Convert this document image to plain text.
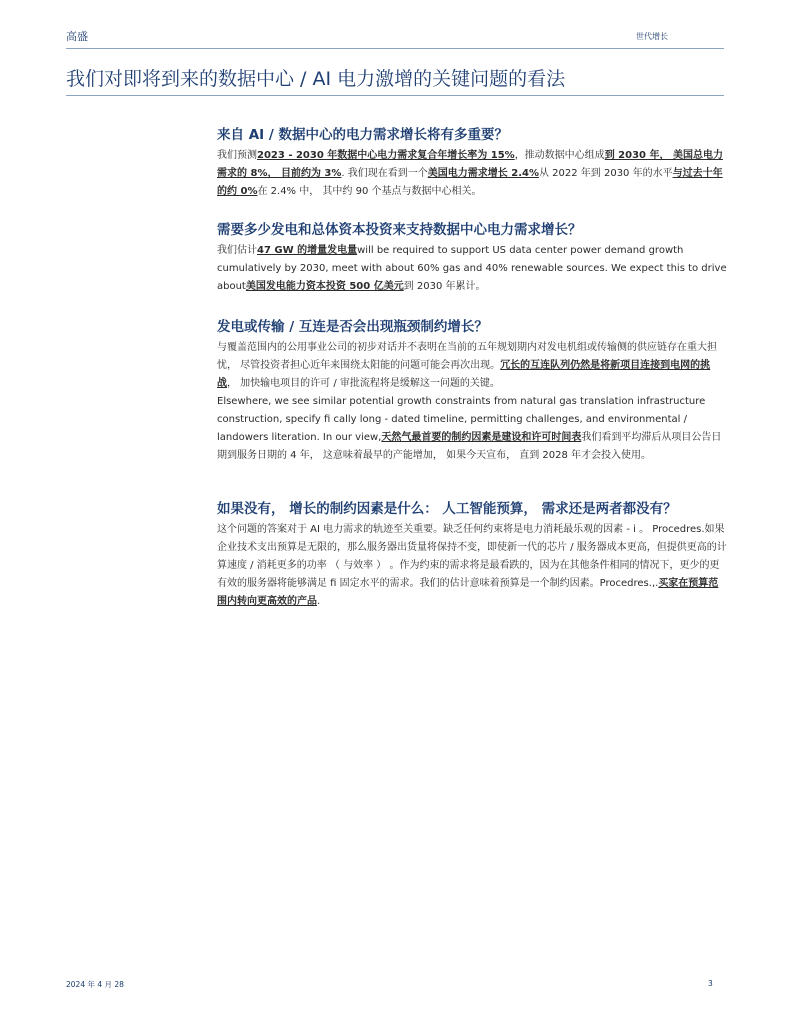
高盛	世代增长
我们对即将到来的数据中心 / AI 电力激增的关键问题的看法
来自 AI / 数据中心的电力需求增长将有多重要？

我们预测2023 - 2030 年数据中心电力需求复合年增长率为 15%，推动数据中心组成到 2030 年， 美国总电力需求的 8%， 目前约为 3%. 我们现在看到一个美国电力需求增长 2.4%从 2022 年到 2030 年的水平与过去十年的约 0%在 2.4% 中， 其中约 90 个基点与数据中心相关。

需要多少发电和总体资本投资来支持数据中心电力需求增长？

我们估计47 GW 的增量发电量will be required to support US data center power demand growth cumulatively by 2030, meet with about 60% gas and 40% renewable sources. We expect this to drive about美国发电能力资本投资 500 亿美元到 2030 年累计。

发电或传输 / 互连是否会出现瓶颈制约增长？

与覆盖范围内的公用事业公司的初步对话并不表明在当前的五年规划期内对发电机组或传输侧的供应链存在重大担忧， 尽管投资者担心近年来围绕太阳能的问题可能会再次出现。冗长的互连队列仍然是将新项目连接到电网的挑战， 加快输电项目的许可 / 审批流程将是缓解这一问题的关键。

Elsewhere, we see similar potential growth constraints from natural gas translation infrastructure construction, specify fi cally long - dated timeline, permitting challenges, and environmental / landowers literation. In our view,天然气最首要的制约因素是建设和许可时间表我们看到平均滞后从项目公告日期到服务日期的 4 年， 这意味着最早的产能增加， 如果今天宣布， 直到 2028 年才会投入使用。

如果没有， 增长的制约因素是什么： 人工智能预算， 需求还是两者都没有？

这个问题的答案对于 AI 电力需求的轨迹至关重要。缺乏任何约束将是电力消耗最乐观的因素 - i 。 Procedres.如果企业技术支出预算是无限的，那么服务器出货量将保持不变，即使新一代的芯片 / 服务器成本更高，但提供更高的计算速度 / 消耗更多的功率 （ 与效率 ） 。作为约束的需求将是最看跌的，因为在其他条件相同的情况下，更少的更有效的服务器将能够满足 fi 固定水平的需求。我们的估计意味着预算是一个制约因素。Procedres.,.买家在预算范围内转向更高效的产品.

2024 年 4 月 28	3
